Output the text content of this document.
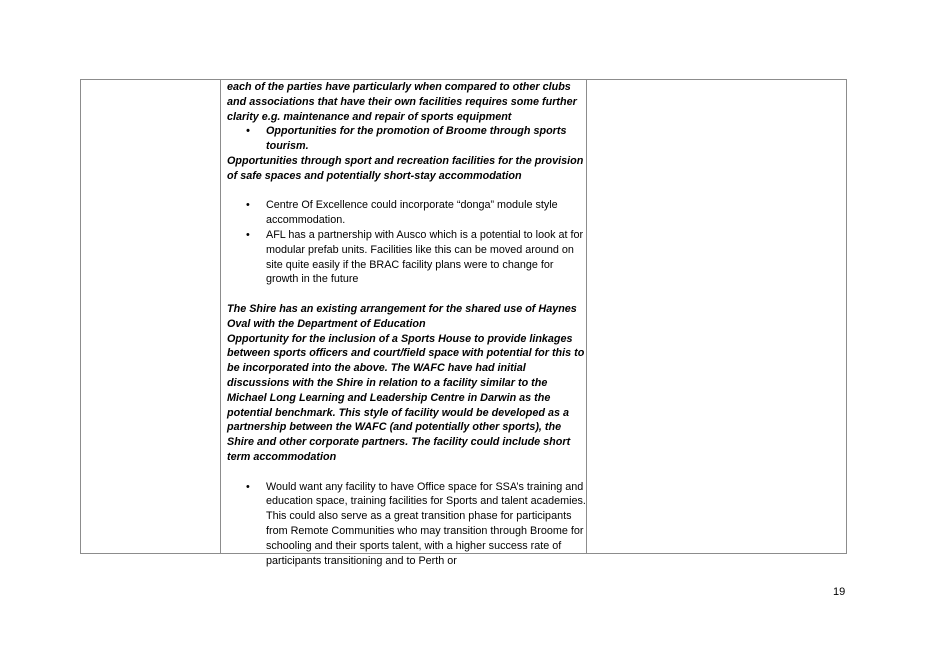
each of the parties have particularly when compared to other clubs and associations that have their own facilities requires some further clarity e.g. maintenance and repair of sports equipment

• Opportunities for the promotion of Broome through sports tourism.

Opportunities through sport and recreation facilities for the provision of safe spaces and potentially short-stay accommodation

• Centre Of Excellence could incorporate “donga” module style accommodation.
• AFL has a partnership with Ausco which is a potential to look at for modular prefab units. Facilities like this can be moved around on site quite easily if the BRAC facility plans were to change for growth in the future

The Shire has an existing arrangement for the shared use of Haynes Oval with the Department of Education

Opportunity for the inclusion of a Sports House to provide linkages between sports officers and court/field space with potential for this to be incorporated into the above. The WAFC have had initial discussions with the Shire in relation to a facility similar to the Michael Long Learning and Leadership Centre in Darwin as the potential benchmark. This style of facility would be developed as a partnership between the WAFC (and potentially other sports), the Shire and other corporate partners. The facility could include short term accommodation

• Would want any facility to have Office space for SSA’s training and education space, training facilities for Sports and talent academies. This could also serve as a great transition phase for participants from Remote Communities who may transition through Broome for schooling and their sports talent, with a higher success rate of participants transitioning and to Perth or
19
